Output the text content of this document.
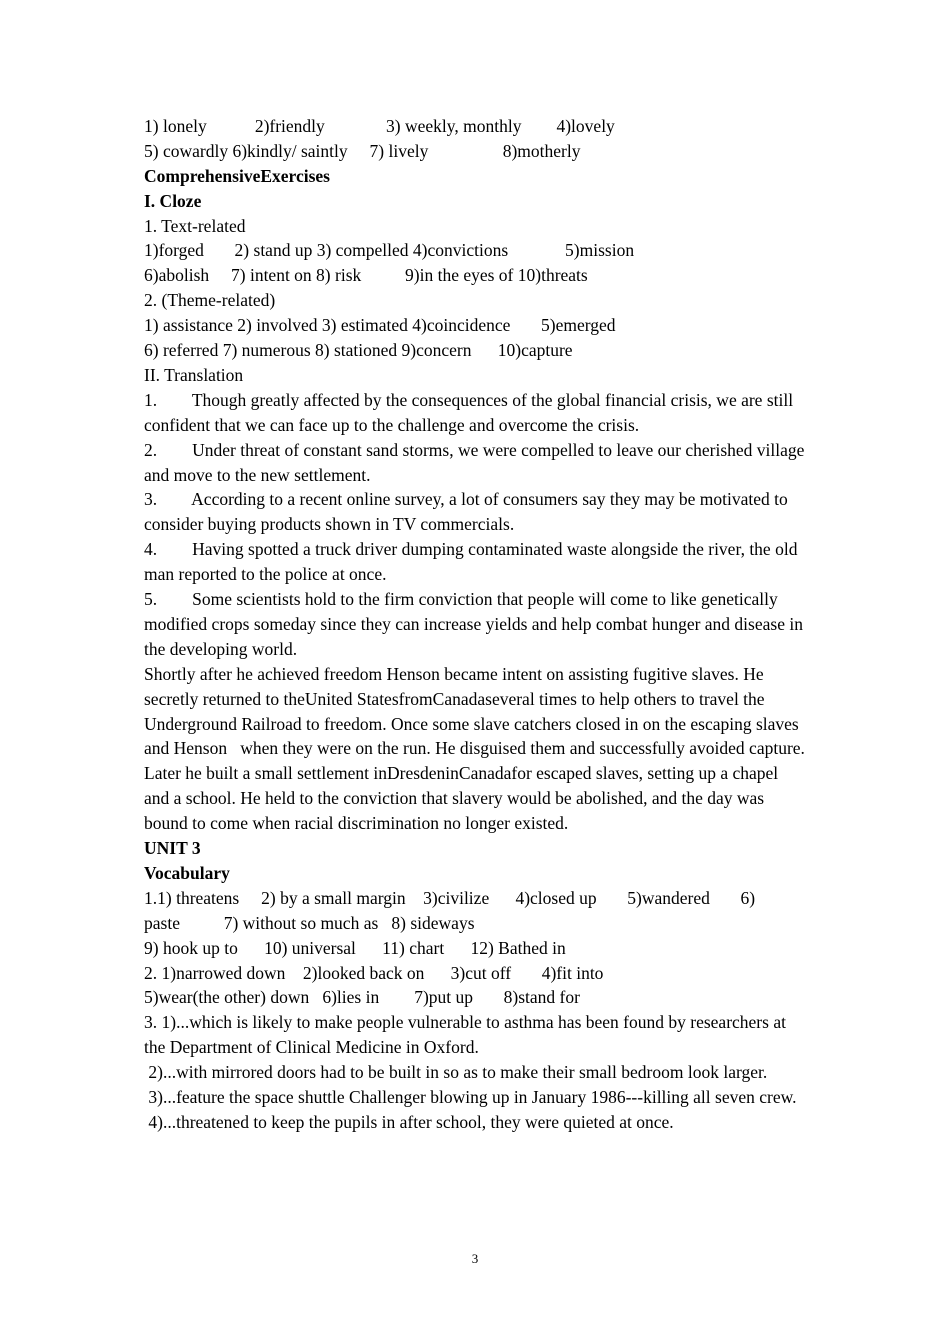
1) lonely           2)friendly              3) weekly, monthly        4)lovely
5) cowardly 6)kindly/ saintly     7) lively                 8)motherly
ComprehensiveExercises
I. Cloze
1. Text-related
1)forged       2) stand up 3) compelled 4)convictions             5)mission
6)abolish     7) intent on 8) risk          9)in the eyes of 10)threats
2. (Theme-related)
1) assistance 2) involved 3) estimated 4)coincidence       5)emerged
6) referred 7) numerous 8) stationed 9)concern      10)capture
II. Translation
1. Though greatly affected by the consequences of the global financial crisis, we are still confident that we can face up to the challenge and overcome the crisis.
2. Under threat of constant sand storms, we were compelled to leave our cherished village and move to the new settlement.
3. According to a recent online survey, a lot of consumers say they may be motivated to consider buying products shown in TV commercials.
4. Having spotted a truck driver dumping contaminated waste alongside the river, the old man reported to the police at once.
5. Some scientists hold to the firm conviction that people will come to like genetically modified crops someday since they can increase yields and help combat hunger and disease in the developing world.
Shortly after he achieved freedom Henson became intent on assisting fugitive slaves. He secretly returned to theUnited StatesfromCanadaseveral times to help others to travel the Underground Railroad to freedom. Once some slave catchers closed in on the escaping slaves and Henson   when they were on the run. He disguised them and successfully avoided capture. Later he built a small settlement inDresdeninCanadafor escaped slaves, setting up a chapel and a school. He held to the conviction that slavery would be abolished, and the day was bound to come when racial discrimination no longer existed.
UNIT 3
Vocabulary
1.1) threatens     2) by a small margin    3)civilize      4)closed up       5)wandered       6)
paste          7) without so much as   8) sideways
9) hook up to      10) universal      11) chart      12) Bathed in
2. 1)narrowed down    2)looked back on      3)cut off       4)fit into
5)wear(the other) down   6)lies in        7)put up       8)stand for
3. 1)...which is likely to make people vulnerable to asthma has been found by researchers at the Department of Clinical Medicine in Oxford.
2)...with mirrored doors had to be built in so as to make their small bedroom look larger.
3)...feature the space shuttle Challenger blowing up in January 1986---killing all seven crew.
4)...threatened to keep the pupils in after school, they were quieted at once.
3
